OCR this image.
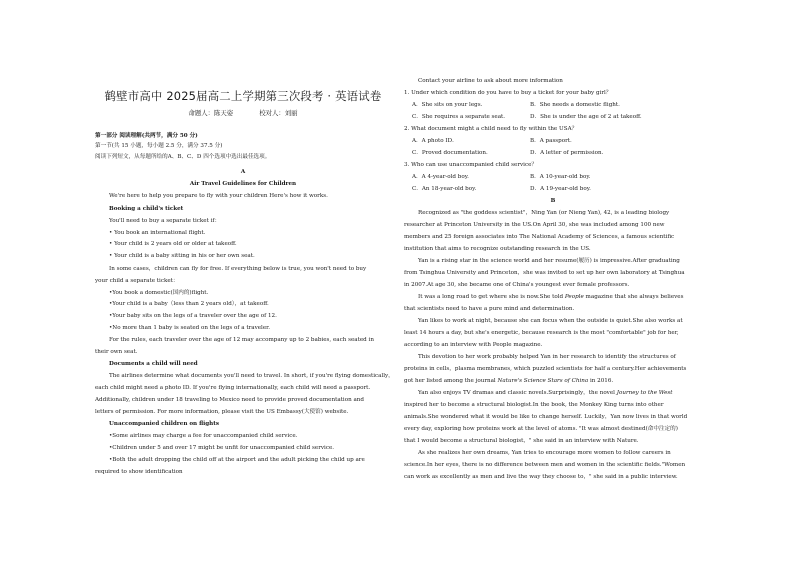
鹤壁市高中 2025届高二上学期第三次段考 · 英语试卷
命题人：陈天姿	校对人：刘丽
第一部分 阅读理解(共两节，满分 50 分)
第一节(共 15 小题，每小题 2.5 分，满分 37.5 分)
阅读下列短文，从每题所给的A、B、C、D 四个选项中选出最佳选项。
A
Air Travel Guidelines for Children
We're here to help you prepare to fly with your children Here's how it works.
Booking a child's ticket
You'll need to buy a separate ticket if：
• You book an international flight.
• Your child is 2 years old or older at takeoff.
• Your child is a baby sitting in his or her own seat.
In some cases，children can fly for free. If everything below is true, you won't need to buy
your child a separate ticket：
•You book a domestic(国内的)flight.
•Your child is a baby（less than 2 years old），at takeoff.
•Your baby sits on the legs of a traveler over the age of 12.
•No more than 1 baby is seated on the legs of a traveler.
For the rules, each traveler over the age of 12 may accompany up to 2 babies, each seated in
their own seat.
Documents a child will need
The airlines determine what documents you'll need to travel. In short, if you're flying domestically，
each child might need a photo ID. If you're flying internationally, each child will need a passport.
Additionally, children under 18 traveling to Mexico need to provide proved documentation and
letters of permission. For more information, please visit the US Embassy(大使馆) website.
Unaccompanied children on flights
•Some airlines may charge a fee for unaccompanied child service.
•Children under 5 and over 17 might be unfit for unaccompanied child service.
•Both the adult dropping the child off at the airport and the adult picking the child up are
required to show identification
Contact your airline to ask about more information
1. Under which condition do you have to buy a ticket for your baby girl？
A．She sits on your legs.	B．She needs a domestic flight.
C．She requires a separate seat.	D．She is under the age of 2 at takeoff.
2. What document might a child need to fly within the USA？
A．A photo ID．	B．A passport.
C．Proved documentation.	D．A letter of permission.
3. Who can use unaccompanied child service？
A．A 4-year-old boy.	B．A 10-year-old boy.
C．An 18-year-old boy.	D．A 19-year-old boy.
B
Recognized as "the goddess scientist"，Ning Yan (or Nieng Yan), 42, is a leading biology
researcher at Princeton University in the US.On April 30, she was included among 100 new
members and 25 foreign associates into The National Academy of Sciences, a famous scientific
institution that aims to recognize outstanding research in the US.
Yan is a rising star in the science world and her resume(履历) is impressive.After graduating
from Tsinghua University and Princeton，she was invited to set up her own laboratory at Tsinghua
in 2007.At age 30, she became one of China's youngest ever female professors.
It was a long road to get where she is now.She told People magazine that she always believes
that scientists need to have a pure mind and determination.
Yan likes to work at night, because she can focus when the outside is quiet.She also works at
least 14 hours a day, but she's energetic, because research is the most "comfortable" job for her,
according to an interview with People magazine.
This devotion to her work probably helped Yan in her research to identify the structures of
proteins in cells，plasma membranes, which puzzled scientists for half a century.Her achievements
got her listed among the journal Nature's Science Stars of China in 2016.
Yan also enjoys TV dramas and classic novels.Surprisingly，the novel Journey to the West
inspired her to become a structural biologist.In the book, the Monkey King turns into other
animals.She wondered what it would be like to change herself. Luckily，Yan now lives in that world
every day, exploring how proteins work at the level of atoms. "It was almost destined(命中注定的)
that I would become a structural biologist，" she said in an interview with Nature.
As she realizes her own dreams, Yan tries to encourage more women to follow careers in
science.In her eyes, there is no difference between men and women in the scientific fields."Women
can work as excellently as men and live the way they choose to，" she said in a public interview.
